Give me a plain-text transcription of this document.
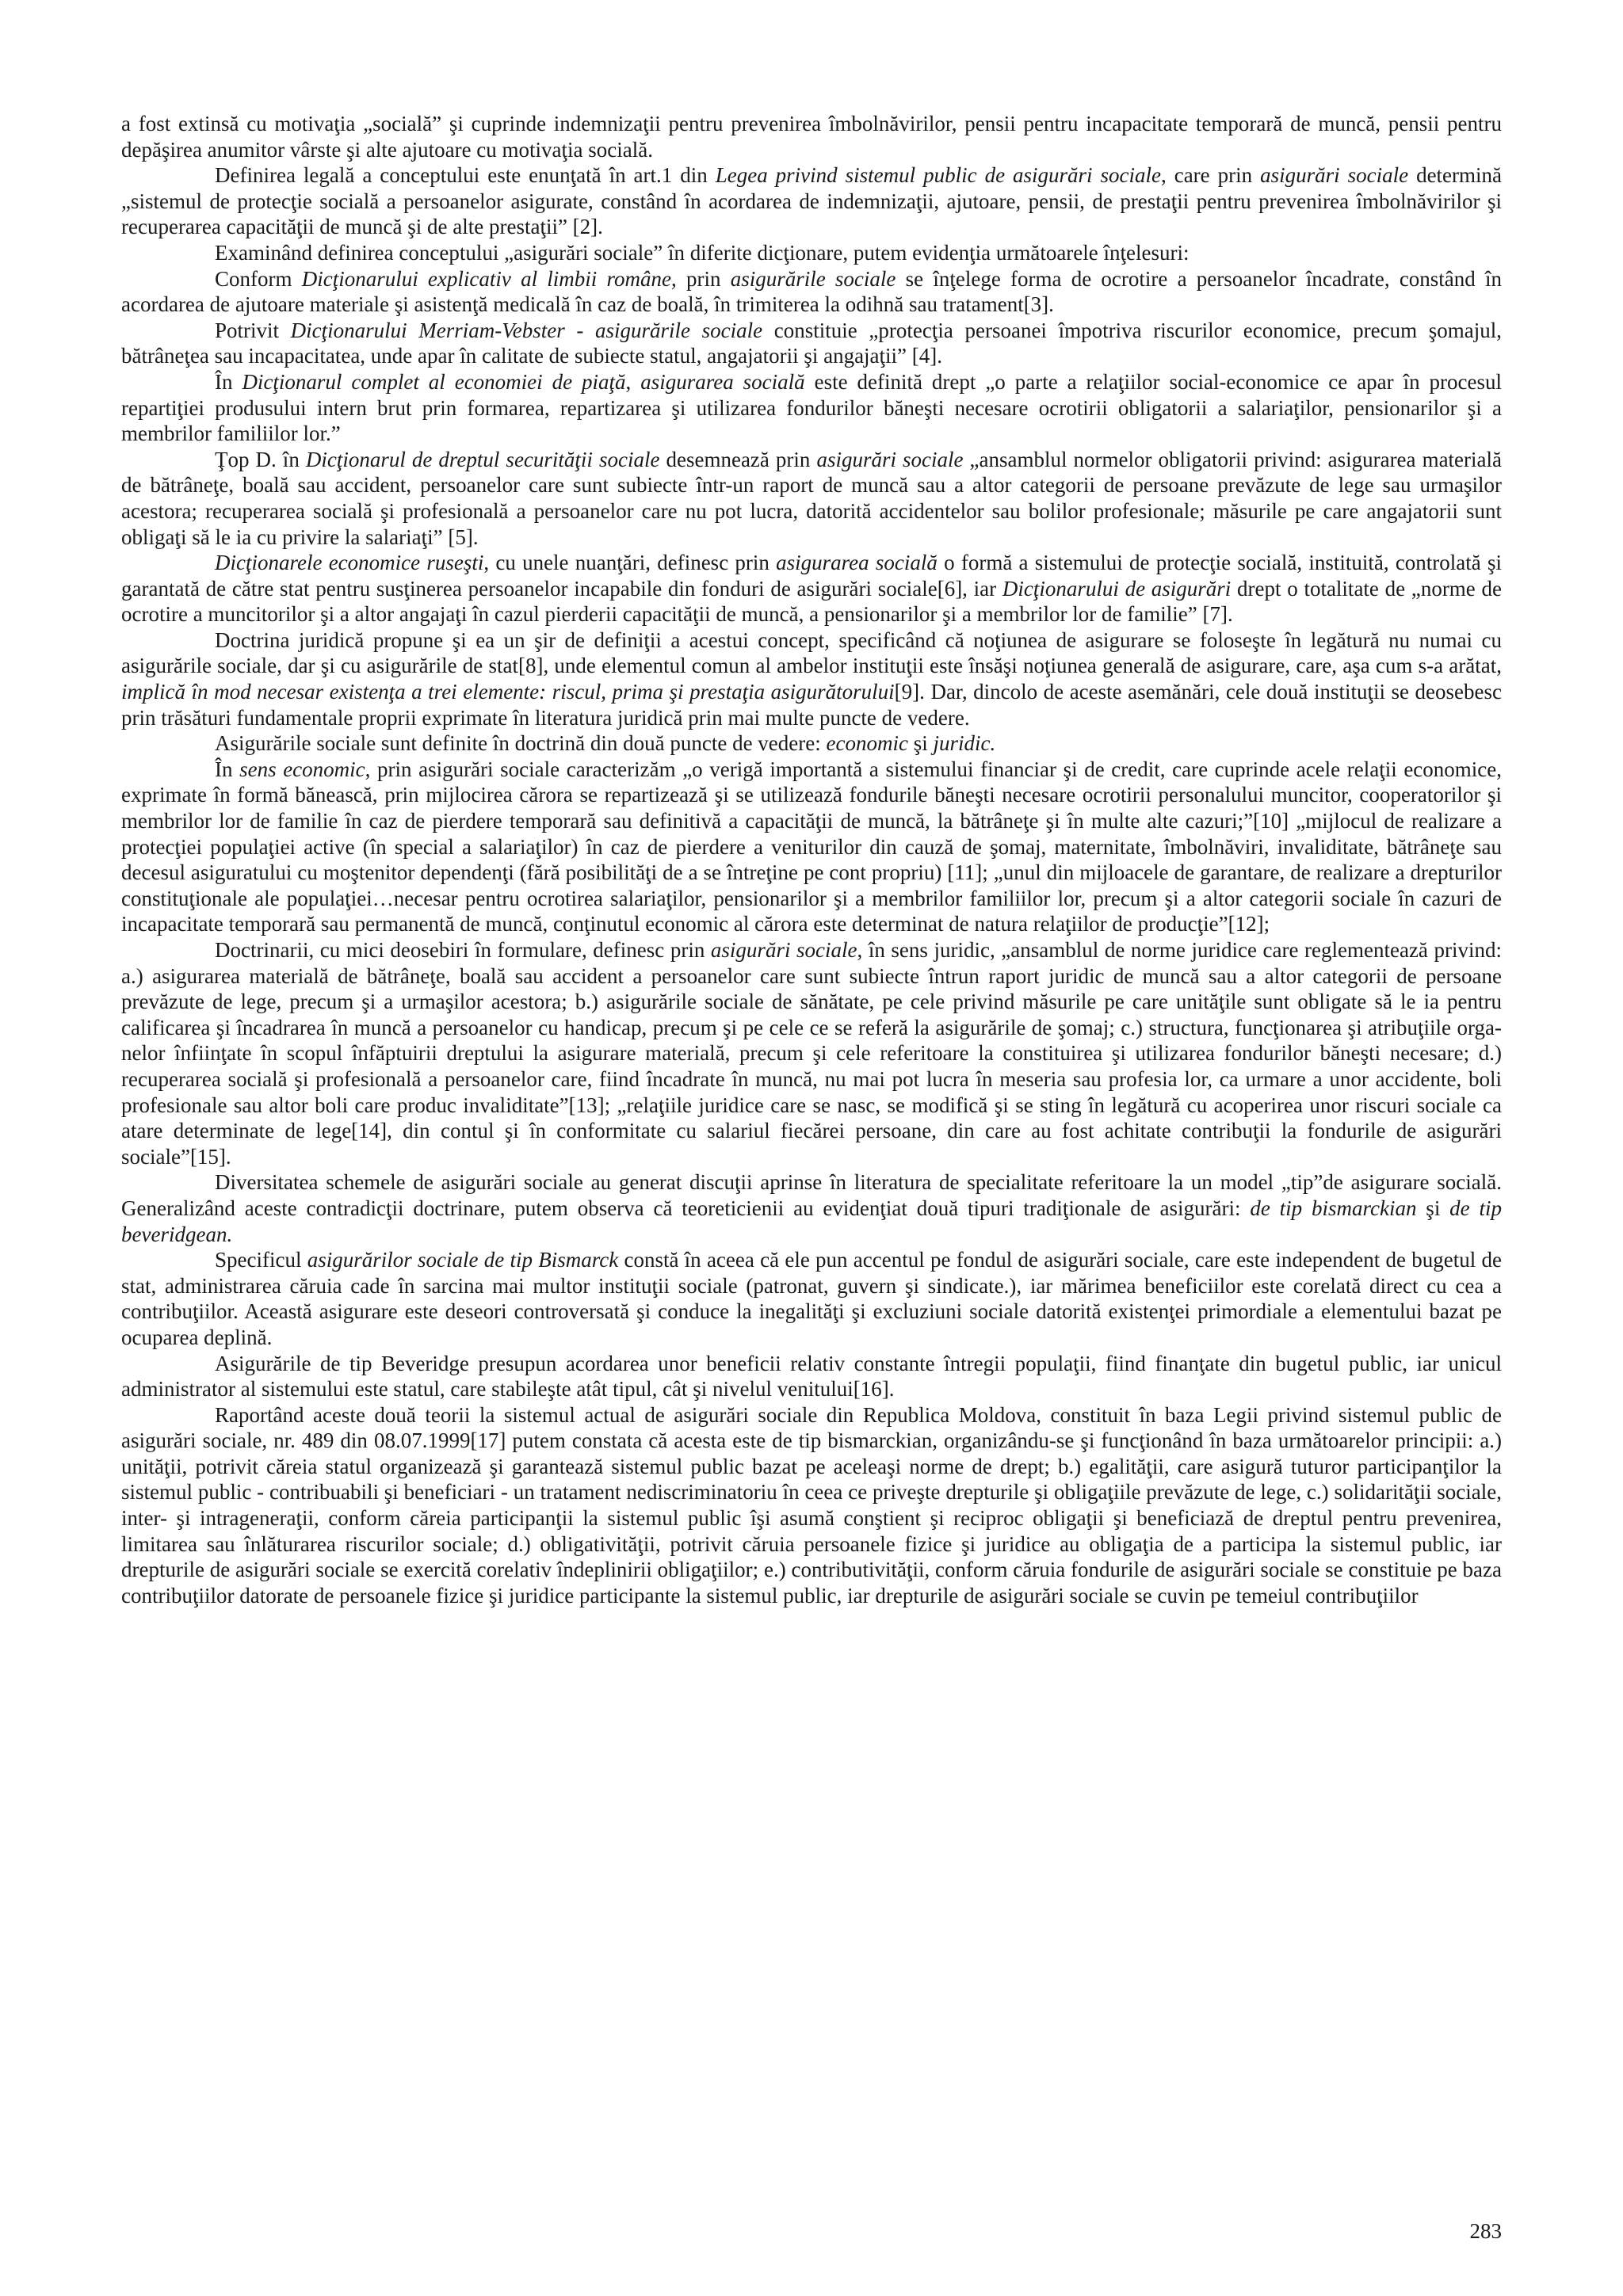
a fost extinsă cu motivaţia „socială” şi cuprinde indemnizaţii pentru prevenirea îmbolnăvirilor, pensii pentru incapacitate temporară de muncă, pensii pentru depăşirea anumitor vârste şi alte ajutoare cu motivaţia socială.

Definirea legală a conceptului este enunţată în art.1 din Legea privind sistemul public de asigurări sociale, care prin asigurări sociale determină „sistemul de protecţie socială a persoanelor asigurate, constând în acordarea de indemnizaţii, ajutoare, pensii, de prestaţii pentru prevenirea îmbolnăvirilor şi recuperarea capacităţii de muncă şi de alte prestaţii” [2].

Examinând definirea conceptului „asigurări sociale” în diferite dicţionare, putem evidenţia următoarele înţelesuri:

Conform Dicţionarului explicativ al limbii române, prin asigurările sociale se înţelege forma de ocrotire a persoanelor încadrate, constând în acordarea de ajutoare materiale şi asistenţă medicală în caz de boală, în trimiterea la odihnă sau tratament[3].

Potrivit Dicţionarului Merriam-Vebster - asigurările sociale constituie „protecţia persoanei împotriva riscurilor economice, precum şomajul, bătrâneţea sau incapacitatea, unde apar în calitate de subiecte statul, angajatorii şi angajaţii” [4].

În Dicţionarul complet al economiei de piaţă, asigurarea socială este definită drept „o parte a relaţiilor social-economice ce apar în procesul repartiţiei produsului intern brut prin formarea, repartizarea şi utilizarea fondurilor băneşti necesare ocrotirii obligatorii a salariaţilor, pensionarilor şi a membrilor familiilor lor.”

Ţop D. în Dicţionarul de dreptul securităţii sociale desemnează prin asigurări sociale „ansamblul normelor obligatorii privind: asigurarea materială de bătrâneţe, boală sau accident, persoanelor care sunt subiecte într-un raport de muncă sau a altor categorii de persoane prevăzute de lege sau urmaşilor acestora; recuperarea socială şi profesională a persoanelor care nu pot lucra, datorită accidentelor sau bolilor profesionale; măsurile pe care angajatorii sunt obligaţi să le ia cu privire la salariaţi” [5].

Dicţionarele economice ruseşti, cu unele nuanţări, definesc prin asigurarea socială o formă a sistemului de protecţie socială, instituită, controlată şi garantată de către stat pentru susţinerea persoanelor incapabile din fonduri de asigurări sociale[6], iar Dicţionarului de asigurări drept o totalitate de „norme de ocrotire a muncitorilor şi a altor angajaţi în cazul pierderii capacităţii de muncă, a pensionarilor şi a membrilor lor de familie” [7].

Doctrina juridică propune şi ea un şir de definiţii a acestui concept, specificând că noţiunea de asigurare se foloseşte în legătură nu numai cu asigurările sociale, dar şi cu asigurările de stat[8], unde elementul comun al ambelor instituţii este însăşi noţiunea generală de asigurare, care, aşa cum s-a arătat, implică în mod necesar existenţa a trei elemente: riscul, prima şi prestaţia asigurătorului[9]. Dar, dincolo de aceste asemănări, cele două instituţii se deosebesc prin trăsături fundamentale proprii exprimate în literatura juridică prin mai multe puncte de vedere.

Asigurările sociale sunt definite în doctrină din două puncte de vedere: economic şi juridic.

În sens economic, prin asigurări sociale caracterizăm „o verigă importantă a sistemului financiar şi de credit, care cuprinde acele relaţii economice, exprimate în formă bănească, prin mijlocirea cărora se repartizează şi se utilizează fondurile băneşti necesare ocrotirii personalului muncitor, cooperatorilor şi membrilor lor de familie în caz de pierdere temporară sau definitivă a capacităţii de muncă, la bătrâneţe şi în multe alte cazuri;”[10] „mijlocul de realizare a protecţiei populaţiei active (în special a salariaţilor) în caz de pierdere a veniturilor din cauză de şomaj, maternitate, îmbolnăviri, invaliditate, bătrâneţe sau decesul asiguratului cu moştenitor dependenţi (fără posibilităţi de a se întreţine pe cont propriu) [11]; „unul din mijloacele de garantare, de realizare a drepturilor constituţionale ale populaţiei…necesar pentru ocrotirea salariaţilor, pensionarilor şi a membrilor familiilor lor, precum şi a altor categorii sociale în cazuri de incapacitate temporară sau permanentă de muncă, conţinutul economic al cărora este determinat de natura relaţiilor de producţie”[12];

Doctrinarii, cu mici deosebiri în formulare, definesc prin asigurări sociale, în sens juridic, „ansamblul de norme juridice care reglementează privind: a.) asigurarea materială de bătrâneţe, boală sau accident a persoanelor care sunt subiecte întrun raport juridic de muncă sau a altor categorii de persoane prevăzute de lege, precum şi a urmaşilor acestora; b.) asigurările sociale de sănătate, pe cele privind măsurile pe care unităţile sunt obligate să le ia pentru calificarea şi încadrarea în muncă a persoanelor cu handicap, precum şi pe cele ce se referă la asigurările de şomaj; c.) structura, funcţionarea şi atribuţiile organelor înfiinţate în scopul înfăptuirii dreptului la asigurare materială, precum şi cele referitoare la constituirea şi utilizarea fondurilor băneşti necesare; d.) recuperarea socială şi profesională a persoanelor care, fiind încadrate în muncă, nu mai pot lucra în meseria sau profesia lor, ca urmare a unor accidente, boli profesionale sau altor boli care produc invaliditate”[13]; „relaţiile juridice care se nasc, se modifică şi se sting în legătură cu acoperirea unor riscuri sociale ca atare determinate de lege[14], din contul şi în conformitate cu salariul fiecărei persoane, din care au fost achitate contribuţii la fondurile de asigurări sociale”[15].

Diversitatea schemele de asigurări sociale au generat discuţii aprinse în literatura de specialitate referitoare la un model „tip”de asigurare socială. Generalizând aceste contradicţii doctrinare, putem observa că teoreticienii au evidenţiat două tipuri tradiţionale de asigurări: de tip bismarckian şi de tip beveridgean.

Specificul asigurărilor sociale de tip Bismarck constă în aceea că ele pun accentul pe fondul de asigurări sociale, care este independent de bugetul de stat, administrarea căruia cade în sarcina mai multor instituţii sociale (patronat, guvern şi sindicate.), iar mărimea beneficiilor este corelată direct cu cea a contribuţiilor. Această asigurare este deseori controversată şi conduce la inegalităţi şi excluziuni sociale datorită existenţei primordiale a elementului bazat pe ocuparea deplină.

Asigurările de tip Beveridge presupun acordarea unor beneficii relativ constante întregii populaţii, fiind finanţate din bugetul public, iar unicul administrator al sistemului este statul, care stabileşte atât tipul, cât şi nivelul venitului[16].

Raportând aceste două teorii la sistemul actual de asigurări sociale din Republica Moldova, constituit în baza Legii privind sistemul public de asigurări sociale, nr. 489 din 08.07.1999[17] putem constata că acesta este de tip bismarckian, organizându-se şi funcţionând în baza următoarelor principii: a.) unităţii, potrivit căreia statul organizează şi garantează sistemul public bazat pe aceleaşi norme de drept; b.) egalităţii, care asigură tuturor participanţilor la sistemul public - contribuabili şi beneficiari - un tratament nediscriminatoriu în ceea ce priveşte drepturile şi obligaţiile prevăzute de lege, c.) solidarităţii sociale, inter- şi intrageneraţii, conform căreia participanţii la sistemul public îşi asumă conştient şi reciproc obligaţii şi beneficiază de dreptul pentru prevenirea, limitarea sau înlăturarea riscurilor sociale; d.) obligativităţii, potrivit căruia persoanele fizice şi juridice au obligaţia de a participa la sistemul public, iar drepturile de asigurări sociale se exercită corelativ îndeplinirii obligaţiilor; e.) contributivităţii, conform căruia fondurile de asigurări sociale se constituie pe baza contribuţiilor datorate de persoanele fizice şi juridice participante la sistemul public, iar drepturile de asigurări sociale se cuvin pe temeiul contribuţiilor

283
